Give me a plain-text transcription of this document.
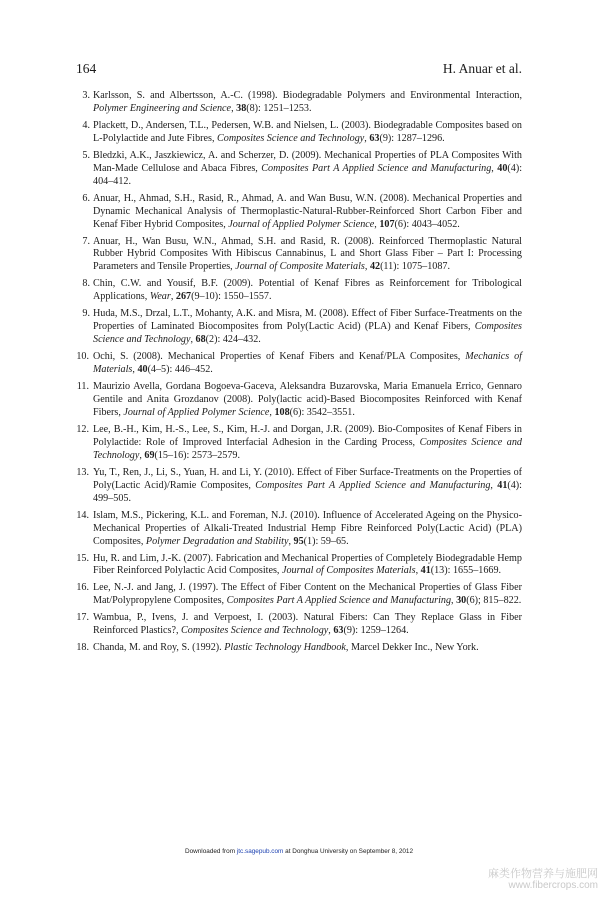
164	H. Anuar et al.
3. Karlsson, S. and Albertsson, A.-C. (1998). Biodegradable Polymers and Environmental Interaction, Polymer Engineering and Science, 38(8): 1251–1253.
4. Plackett, D., Andersen, T.L., Pedersen, W.B. and Nielsen, L. (2003). Biodegradable Composites based on L-Polylactide and Jute Fibres, Composites Science and Technology, 63(9): 1287–1296.
5. Bledzki, A.K., Jaszkiewicz, A. and Scherzer, D. (2009). Mechanical Properties of PLA Composites With Man-Made Cellulose and Abaca Fibres, Composites Part A Applied Science and Manufacturing, 40(4): 404–412.
6. Anuar, H., Ahmad, S.H., Rasid, R., Ahmad, A. and Wan Busu, W.N. (2008). Mechanical Properties and Dynamic Mechanical Analysis of Thermoplastic-Natural-Rubber-Reinforced Short Carbon Fiber and Kenaf Fiber Hybrid Composites, Journal of Applied Polymer Science, 107(6): 4043–4052.
7. Anuar, H., Wan Busu, W.N., Ahmad, S.H. and Rasid, R. (2008). Reinforced Thermoplastic Natural Rubber Hybrid Composites With Hibiscus Cannabinus, L and Short Glass Fiber – Part I: Processing Parameters and Tensile Properties, Journal of Composite Materials, 42(11): 1075–1087.
8. Chin, C.W. and Yousif, B.F. (2009). Potential of Kenaf Fibres as Reinforcement for Tribological Applications, Wear, 267(9–10): 1550–1557.
9. Huda, M.S., Drzal, L.T., Mohanty, A.K. and Misra, M. (2008). Effect of Fiber Surface-Treatments on the Properties of Laminated Biocomposites from Poly(Lactic Acid) (PLA) and Kenaf Fibers, Composites Science and Technology, 68(2): 424–432.
10. Ochi, S. (2008). Mechanical Properties of Kenaf Fibers and Kenaf/PLA Composites, Mechanics of Materials, 40(4–5): 446–452.
11. Maurizio Avella, Gordana Bogoeva-Gaceva, Aleksandra Buzarovska, Maria Emanuela Errico, Gennaro Gentile and Anita Grozdanov (2008). Poly(lactic acid)-Based Biocomposites Reinforced with Kenaf Fibers, Journal of Applied Polymer Science, 108(6): 3542–3551.
12. Lee, B.-H., Kim, H.-S., Lee, S., Kim, H.-J. and Dorgan, J.R. (2009). Bio-Composites of Kenaf Fibers in Polylactide: Role of Improved Interfacial Adhesion in the Carding Process, Composites Science and Technology, 69(15–16): 2573–2579.
13. Yu, T., Ren, J., Li, S., Yuan, H. and Li, Y. (2010). Effect of Fiber Surface-Treatments on the Properties of Poly(Lactic Acid)/Ramie Composites, Composites Part A Applied Science and Manufacturing, 41(4): 499–505.
14. Islam, M.S., Pickering, K.L. and Foreman, N.J. (2010). Influence of Accelerated Ageing on the Physico-Mechanical Properties of Alkali-Treated Industrial Hemp Fibre Reinforced Poly(Lactic Acid) (PLA) Composites, Polymer Degradation and Stability, 95(1): 59–65.
15. Hu, R. and Lim, J.-K. (2007). Fabrication and Mechanical Properties of Completely Biodegradable Hemp Fiber Reinforced Polylactic Acid Composites, Journal of Composites Materials, 41(13): 1655–1669.
16. Lee, N.-J. and Jang, J. (1997). The Effect of Fiber Content on the Mechanical Properties of Glass Fiber Mat/Polypropylene Composites, Composites Part A Applied Science and Manufacturing, 30(6); 815–822.
17. Wambua, P., Ivens, J. and Verpoest, I. (2003). Natural Fibers: Can They Replace Glass in Fiber Reinforced Plastics?, Composites Science and Technology, 63(9): 1259–1264.
18. Chanda, M. and Roy, S. (1992). Plastic Technology Handbook, Marcel Dekker Inc., New York.
Downloaded from jtc.sagepub.com at Donghua University on September 8, 2012
麻类作物营养与施肥网
www.fibercrops.com
